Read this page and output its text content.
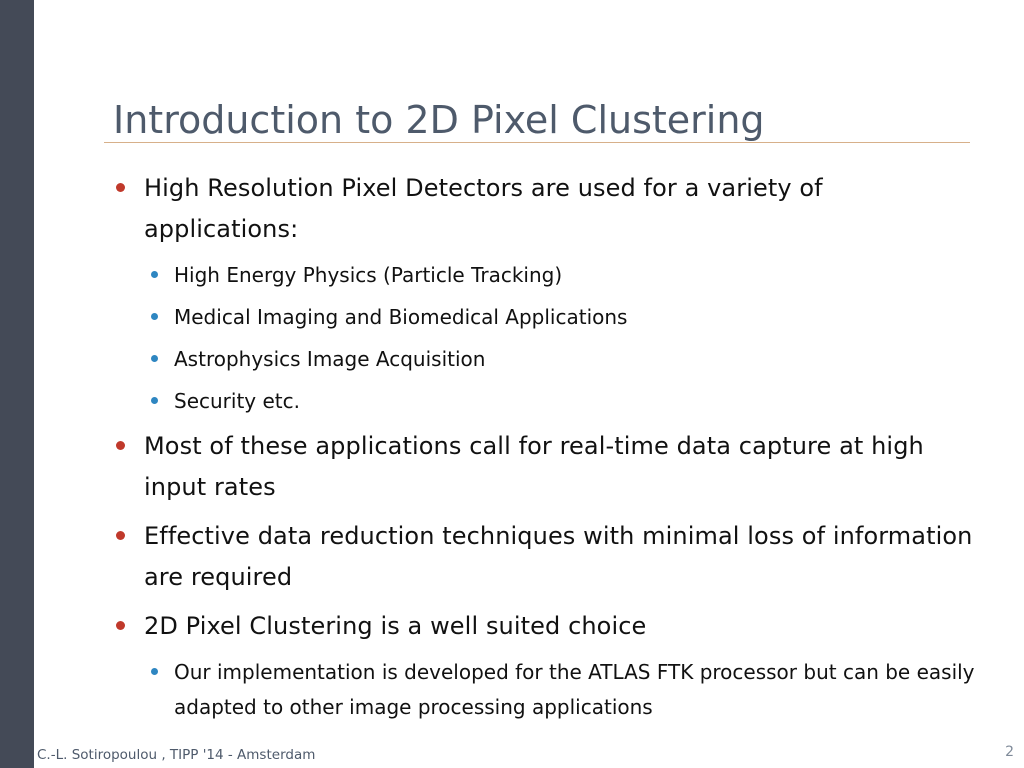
Introduction to 2D Pixel Clustering
High Resolution Pixel Detectors are used for a variety of applications:
High Energy Physics (Particle Tracking)
Medical Imaging and Biomedical Applications
Astrophysics Image Acquisition
Security etc.
Most of these applications call for real-time data capture at high input rates
Effective data reduction techniques with minimal loss of information are required
2D Pixel Clustering is a well suited choice
Our implementation is developed for the ATLAS FTK processor but can be easily adapted to other image processing applications
C.-L. Sotiropoulou , TIPP '14 - Amsterdam	2
